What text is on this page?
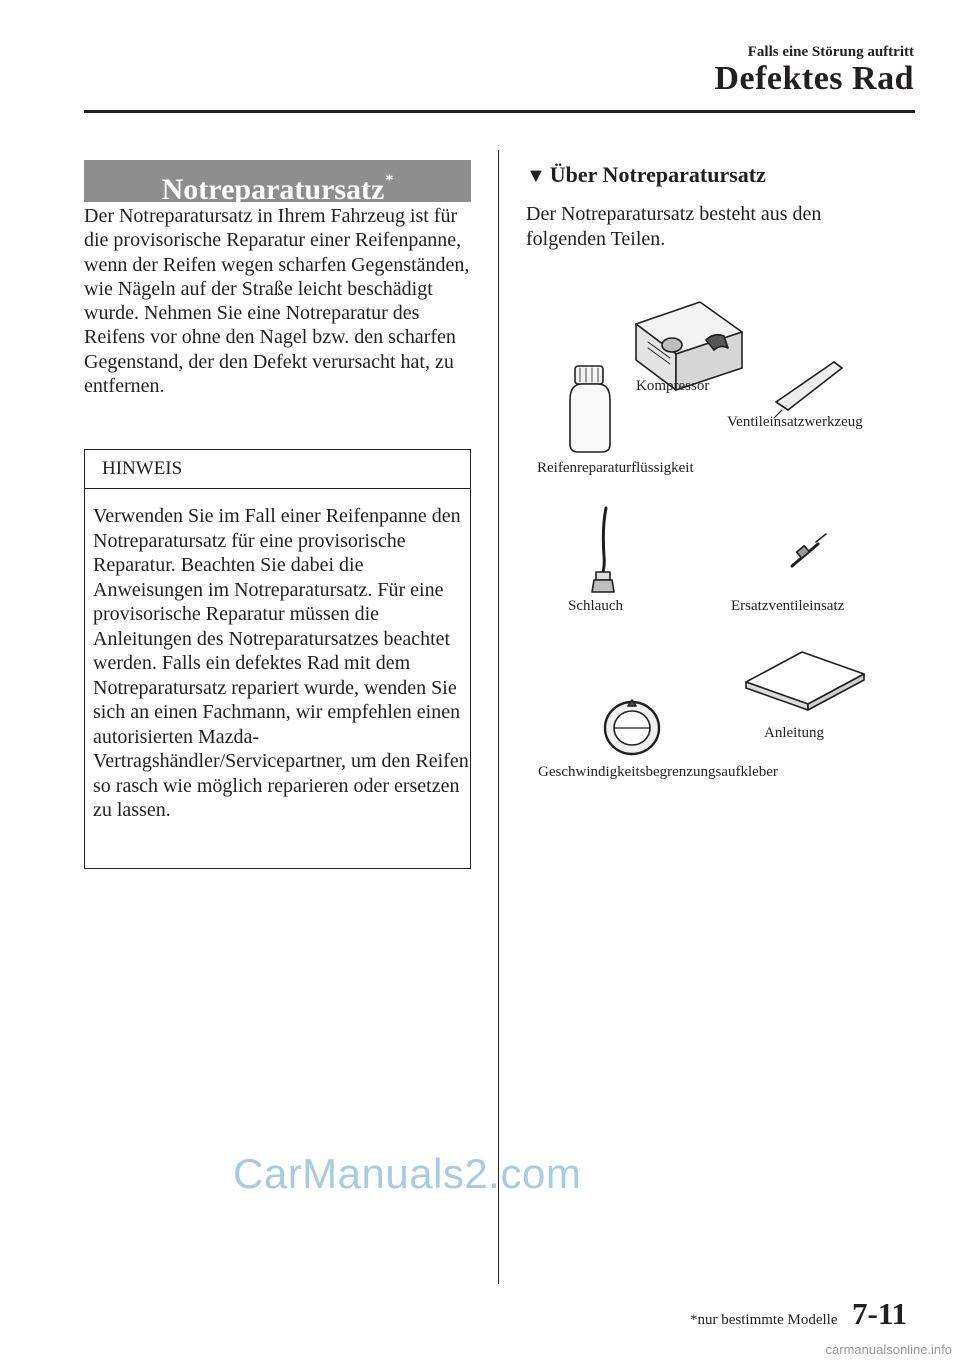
Falls eine Störung auftritt
Defektes Rad
Notreparatursatz*

Der Notreparatursatz in Ihrem Fahrzeug ist für die provisorische Reparatur einer Reifenpanne, wenn der Reifen wegen scharfen Gegenständen, wie Nägeln auf der Straße leicht beschädigt wurde. Nehmen Sie eine Notreparatur des Reifens vor ohne den Nagel bzw. den scharfen Gegenstand, der den Defekt verursacht hat, zu entfernen.

HINWEIS
Verwenden Sie im Fall einer Reifenpanne den Notreparatursatz für eine provisorische Reparatur. Beachten Sie dabei die Anweisungen im Notreparatursatz. Für eine provisorische Reparatur müssen die Anleitungen des Notreparatursatzes beachtet werden. Falls ein defektes Rad mit dem Notreparatursatz repariert wurde, wenden Sie sich an einen Fachmann, wir empfehlen einen autorisierten Mazda-Vertragshändler/Servicepartner, um den Reifen so rasch wie möglich reparieren oder ersetzen zu lassen.
▼ Über Notreparatursatz

Der Notreparatursatz besteht aus den folgenden Teilen.

Kompressor
Ventileinsatzwerkzeug
Reifenreparaturflüssigkeit
Schlauch	Ersatzventileinsatz
Anleitung
Geschwindigkeitsbegrenzungsaufkleber
CarManuals2.com
*nur bestimmte Modelle 7-11
carmanualsonline.info
